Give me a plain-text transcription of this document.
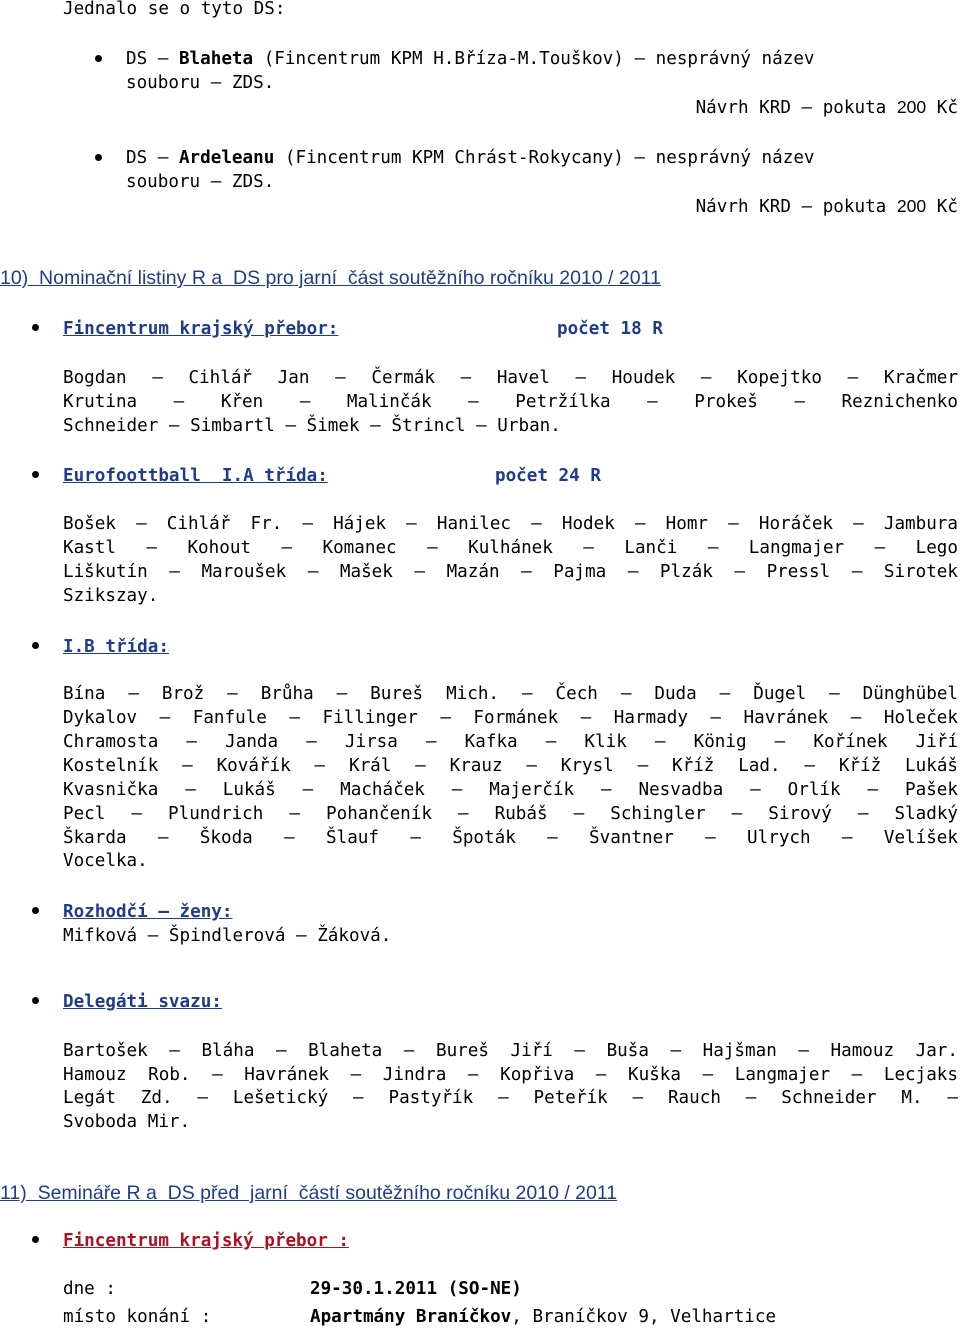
Jednalo se o tyto DS:
DS – Blaheta (Fincentrum KPM H.Bříza-M.Touškov) – nesprávný název
souboru – ZDS.
Návrh KRD – pokuta 200 Kč
DS – Ardeleanu (Fincentrum KPM Chrást-Rokycany) – nesprávný název
souboru – ZDS.
Návrh KRD – pokuta 200 Kč
10)  Nominační listiny R a  DS pro jarní  část soutěžního ročníku 2010 / 2011
Fincentrum krajský přebor:	počet 18 R
Bogdan – Cihlář Jan – Čermák – Havel – Houdek – Kopejtko – Kračmer
Krutina – Křen – Malinčák – Petržílka – Prokeš – Reznichenko
Schneider – Simbartl – Šimek – Štrincl – Urban.
Eurofoottball  I.A třída:	počet 24 R
Bošek – Cihlář Fr. – Hájek – Hanilec – Hodek – Homr – Horáček – Jambura
Kastl – Kohout – Komanec – Kulhánek – Lanči – Langmajer – Lego
Liškutín – Maroušek – Mašek – Mazán – Pajma – Plzák – Pressl – Sirotek
Szikszay.
I.B třída:
Bína – Brož – Brůha – Bureš Mich. – Čech – Duda – Ďugel – Dünghübel
Dykalov – Fanfule – Fillinger – Formánek – Harmady – Havránek – Holeček
Chramosta – Janda – Jirsa – Kafka – Klik – König – Kořínek Jiří
Kostelník – Kovářík – Král – Krauz – Krysl – Kříž Lad. – Kříž Lukáš
Kvasnička – Lukáš – Macháček – Majerčík – Nesvadba – Orlík – Pašek
Pecl – Plundrich – Pohančeník – Rubáš – Schingler – Sirový – Sladký
Škarda – Škoda – Šlauf – Špoták – Švantner – Ulrych – Velíšek
Vocelka.
Rozhodčí – ženy:
Mifková – Špindlerová – Žáková.
Delegáti svazu:
Bartošek – Bláha – Blaheta – Bureš Jiří – Buša – Hajšman – Hamouz Jar.
Hamouz Rob. – Havránek – Jindra – Kopřiva – Kuška – Langmajer – Lecjaks
Legát Zd. – Lešetický – Pastyřík – Peteřík – Rauch – Schneider M. –
Svoboda Mir.
11)  Semináře R a  DS před  jarní  částí soutěžního ročníku 2010 / 2011
Fincentrum krajský přebor :
dne :	29-30.1.2011 (SO-NE)
místo konání :	Apartmány Braníčkov, Braníčkov 9, Velhartice
